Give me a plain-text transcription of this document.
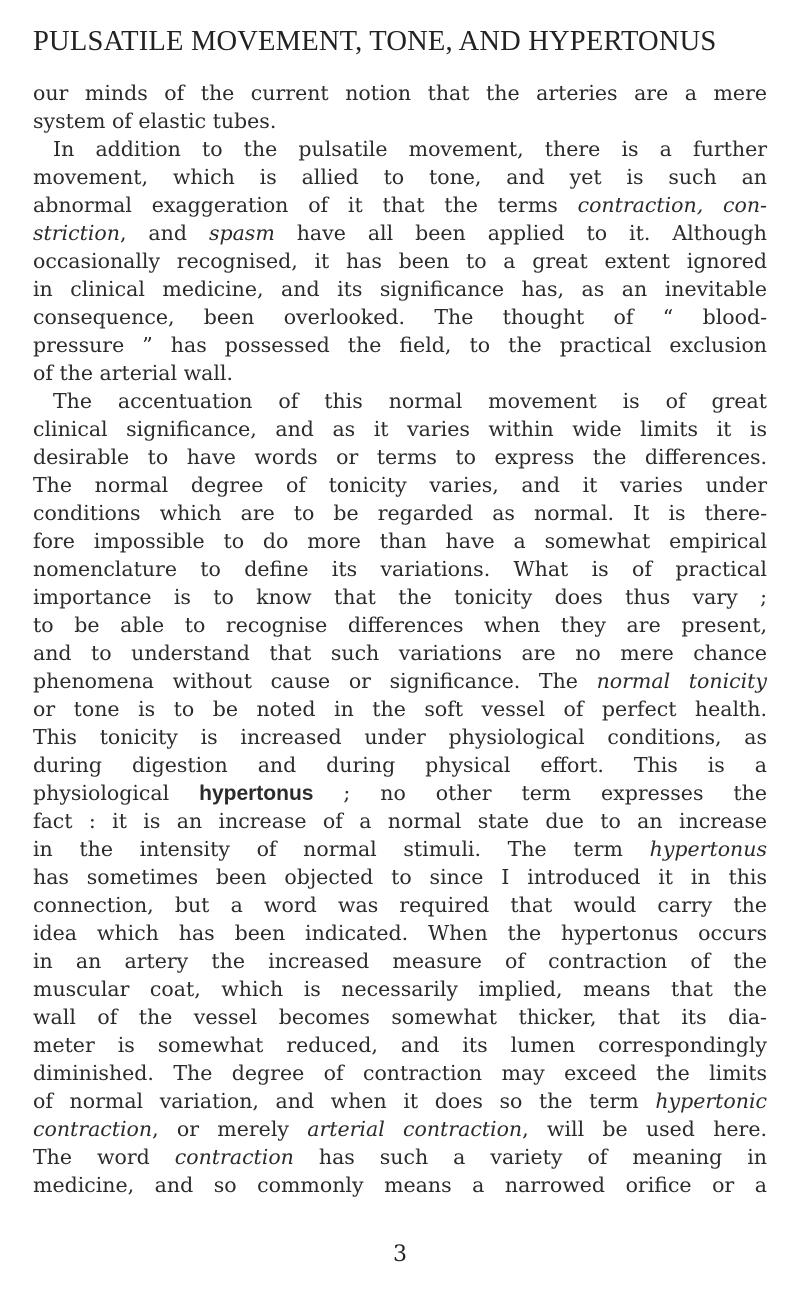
PULSATILE MOVEMENT, TONE, AND HYPERTONUS
our minds of the current notion that the arteries are a mere
system of elastic tubes.
In addition to the pulsatile movement, there is a further
movement, which is allied to tone, and yet is such an
abnormal exaggeration of it that the terms contraction, con-
striction, and spasm have all been applied to it. Although
occasionally recognised, it has been to a great extent ignored
in clinical medicine, and its significance has, as an inevitable
consequence, been overlooked. The thought of “ blood-
pressure ” has possessed the field, to the practical exclusion
of the arterial wall.
The accentuation of this normal movement is of great
clinical significance, and as it varies within wide limits it is
desirable to have words or terms to express the differences.
The normal degree of tonicity varies, and it varies under
conditions which are to be regarded as normal. It is there-
fore impossible to do more than have a somewhat empirical
nomenclature to define its variations. What is of practical
importance is to know that the tonicity does thus vary ;
to be able to recognise differences when they are present,
and to understand that such variations are no mere chance
phenomena without cause or significance. The normal tonicity
or tone is to be noted in the soft vessel of perfect health.
This tonicity is increased under physiological conditions, as
during digestion and during physical effort. This is a
physiological hypertonus ; no other term expresses the
fact : it is an increase of a normal state due to an increase
in the intensity of normal stimuli. The term hypertonus
has sometimes been objected to since I introduced it in this
connection, but a word was required that would carry the
idea which has been indicated. When the hypertonus occurs
in an artery the increased measure of contraction of the
muscular coat, which is necessarily implied, means that the
wall of the vessel becomes somewhat thicker, that its dia-
meter is somewhat reduced, and its lumen correspondingly
diminished. The degree of contraction may exceed the limits
of normal variation, and when it does so the term hypertonic
contraction, or merely arterial contraction, will be used here.
The word contraction has such a variety of meaning in
medicine, and so commonly means a narrowed orifice or a
3
